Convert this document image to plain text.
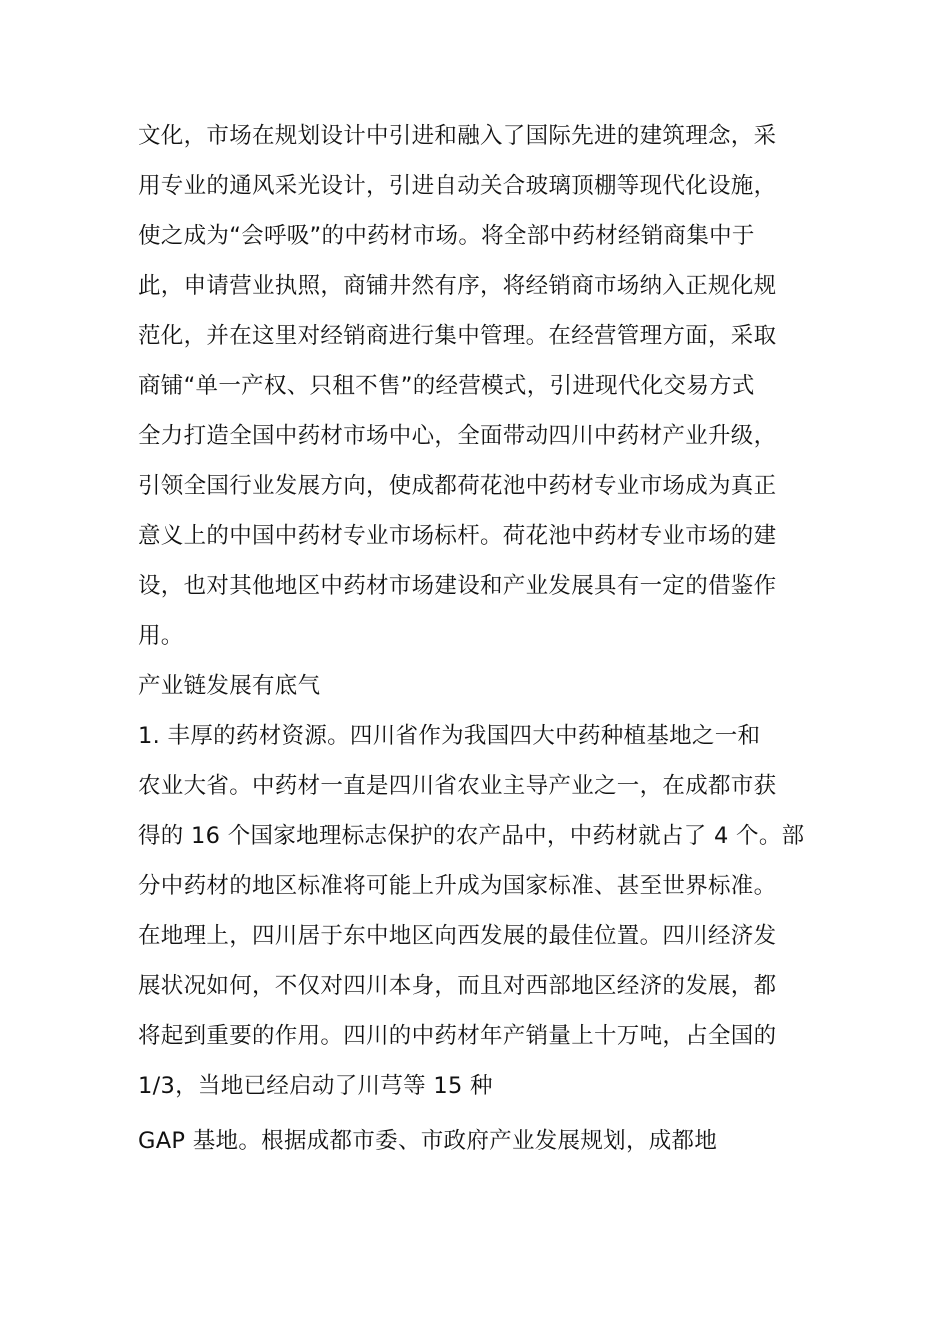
文化，市场在规划设计中引进和融入了国际先进的建筑理念，采
用专业的通风采光设计，引进自动关合玻璃顶棚等现代化设施，
使之成为“会呼吸”的中药材市场。将全部中药材经销商集中于
此，申请营业执照，商铺井然有序，将经销商市场纳入正规化规
范化，并在这里对经销商进行集中管理。在经营管理方面，采取
商铺“单一产权、只租不售”的经营模式，引进现代化交易方式
全力打造全国中药材市场中心，全面带动四川中药材产业升级，
引领全国行业发展方向，使成都荷花池中药材专业市场成为真正
意义上的中国中药材专业市场标杆。荷花池中药材专业市场的建
设，也对其他地区中药材市场建设和产业发展具有一定的借鉴作
用。
产业链发展有底气
1. 丰厚的药材资源。四川省作为我国四大中药种植基地之一和
农业大省。中药材一直是四川省农业主导产业之一，在成都市获
得的 16 个国家地理标志保护的农产品中，中药材就占了 4 个。部
分中药材的地区标准将可能上升成为国家标准、甚至世界标准。
在地理上，四川居于东中地区向西发展的最佳位置。四川经济发
展状况如何，不仅对四川本身，而且对西部地区经济的发展，都
将起到重要的作用。四川的中药材年产销量上十万吨，占全国的
1/3，当地已经启动了川芎等 15 种
GAP 基地。根据成都市委、市政府产业发展规划，成都地
